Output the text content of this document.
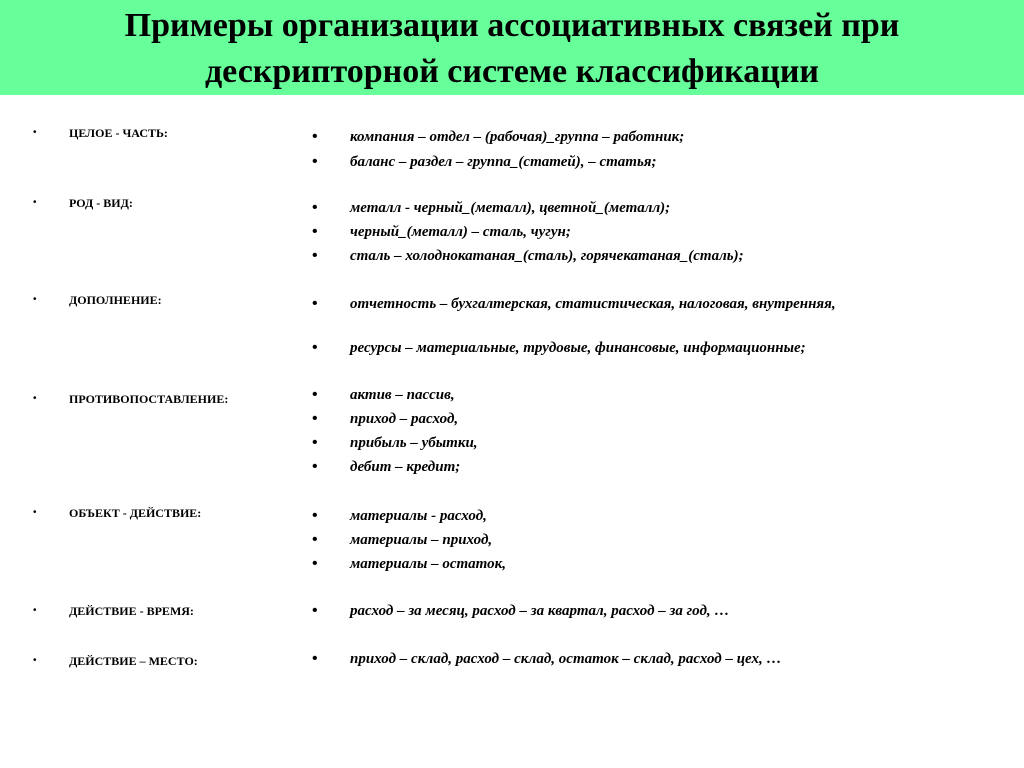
Примеры организации ассоциативных связей при
дескрипторной системе классификации
•	ЦЕЛОЕ - ЧАСТЬ:	• компания – отдел – (рабочая)_группа – работник;
• баланс – раздел – группа_(статей), – статья;
•	РОД - ВИД:	• металл - черный_(металл), цветной_(металл);
• черный_(металл) – сталь, чугун;
• сталь – холоднокатаная_(сталь), горячекатаная_(сталь);
•	ДОПОЛНЕНИЕ:	• отчетность – бухгалтерская, статистическая, налоговая, внутренняя,
• ресурсы – материальные, трудовые, финансовые, информационные;
•	ПРОТИВОПОСТАВЛЕНИЕ:	• актив – пассив,
• приход – расход,
• прибыль – убытки,
• дебит – кредит;
•	ОБЪЕКТ - ДЕЙСТВИЕ:	• материалы - расход,
• материалы – приход,
• материалы – остаток,
•	ДЕЙСТВИЕ - ВРЕМЯ:	• расход – за месяц, расход – за квартал, расход – за год, …
•	ДЕЙСТВИЕ – МЕСТО:	• приход – склад, расход – склад, остаток – склад, расход – цех, …
